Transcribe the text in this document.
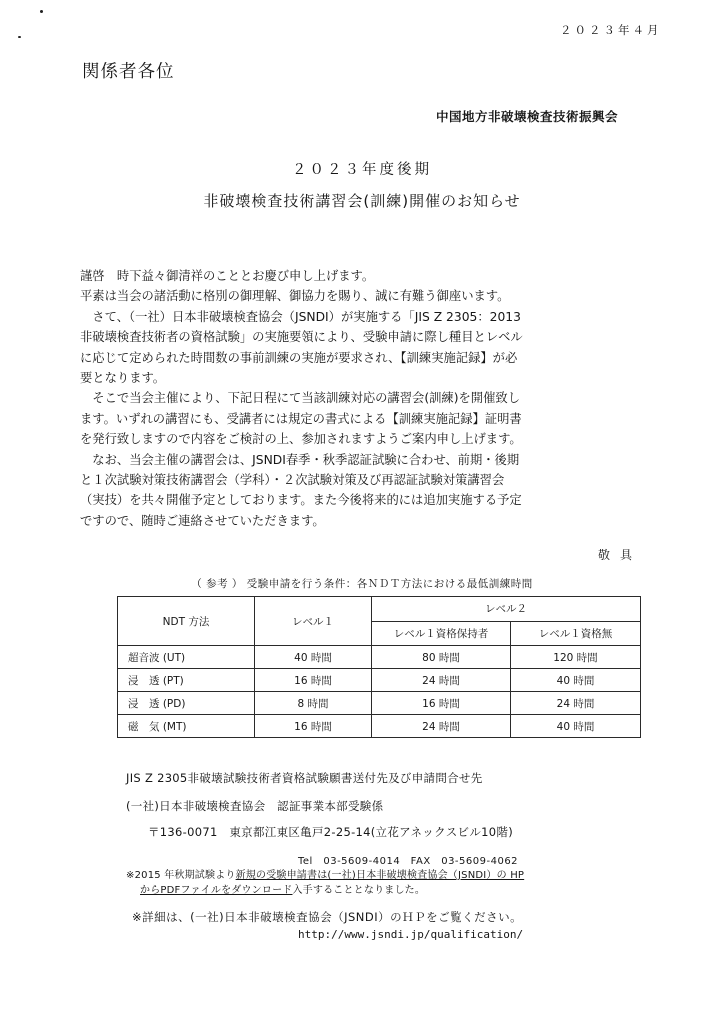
２０２３年４月
関係者各位
中国地方非破壊検査技術振興会
２０２３年度後期
非破壊検査技術講習会(訓練)開催のお知らせ

謹啓　時下益々御清祥のこととお慶び申し上げます。

平素は当会の諸活動に格別の御理解、御協力を賜り、誠に有難う御座います。

　さて、（一社）日本非破壊検査協会（JSNDI）が実施する「JIS Z 2305：2013

非破壊検査技術者の資格試験」の実施要領により、受験申請に際し種目とレベル

に応じて定められた時間数の事前訓練の実施が要求され、【訓練実施記録】が必

要となります。

　そこで当会主催により、下記日程にて当該訓練対応の講習会(訓練)を開催致し

ます。いずれの講習にも、受講者には規定の書式による【訓練実施記録】証明書

を発行致しますので内容をご検討の上、参加されますようご案内申し上げます。

　なお、当会主催の講習会は、JSNDI春季・秋季認証試験に合わせ、前期・後期

と１次試験対策技術講習会（学科）・２次試験対策及び再認証試験対策講習会

（実技）を共々開催予定としております。また今後将来的には追加実施する予定

ですので、随時ご連絡させていただきます。

敬具
（ 参考 ） 受験申請を行う条件：各ＮＤＴ方法における最低訓練時間
NDT 方法	レベル１	レベル２	
		レベル１資格保持者	レベル１資格無
超音波 (UT)	40 時間	80 時間	120 時間
浸　透 (PT)	16 時間	24 時間	40 時間
浸　透 (PD)	8 時間	16 時間	24 時間
磁　気 (MT)	16 時間	24 時間	40 時間
JIS Z 2305非破壊試験技術者資格試験願書送付先及び申請問合せ先
(一社)日本非破壊検査協会　認証事業本部受験係
〒136-0071　東京都江東区亀戸2-25-14(立花アネックスビル10階)
Tel　03-5609-4014　FAX　03-5609-4062
※2015 年秋期試験より新規の受験申請書は(一社)日本非破壊検査協会（JSNDI）の HP
からPDFファイルをダウンロード入手することとなりました。
※詳細は、(一社)日本非破壊検査協会（JSNDI）のＨＰをご覧ください。
http://www.jsndi.jp/qualification/
